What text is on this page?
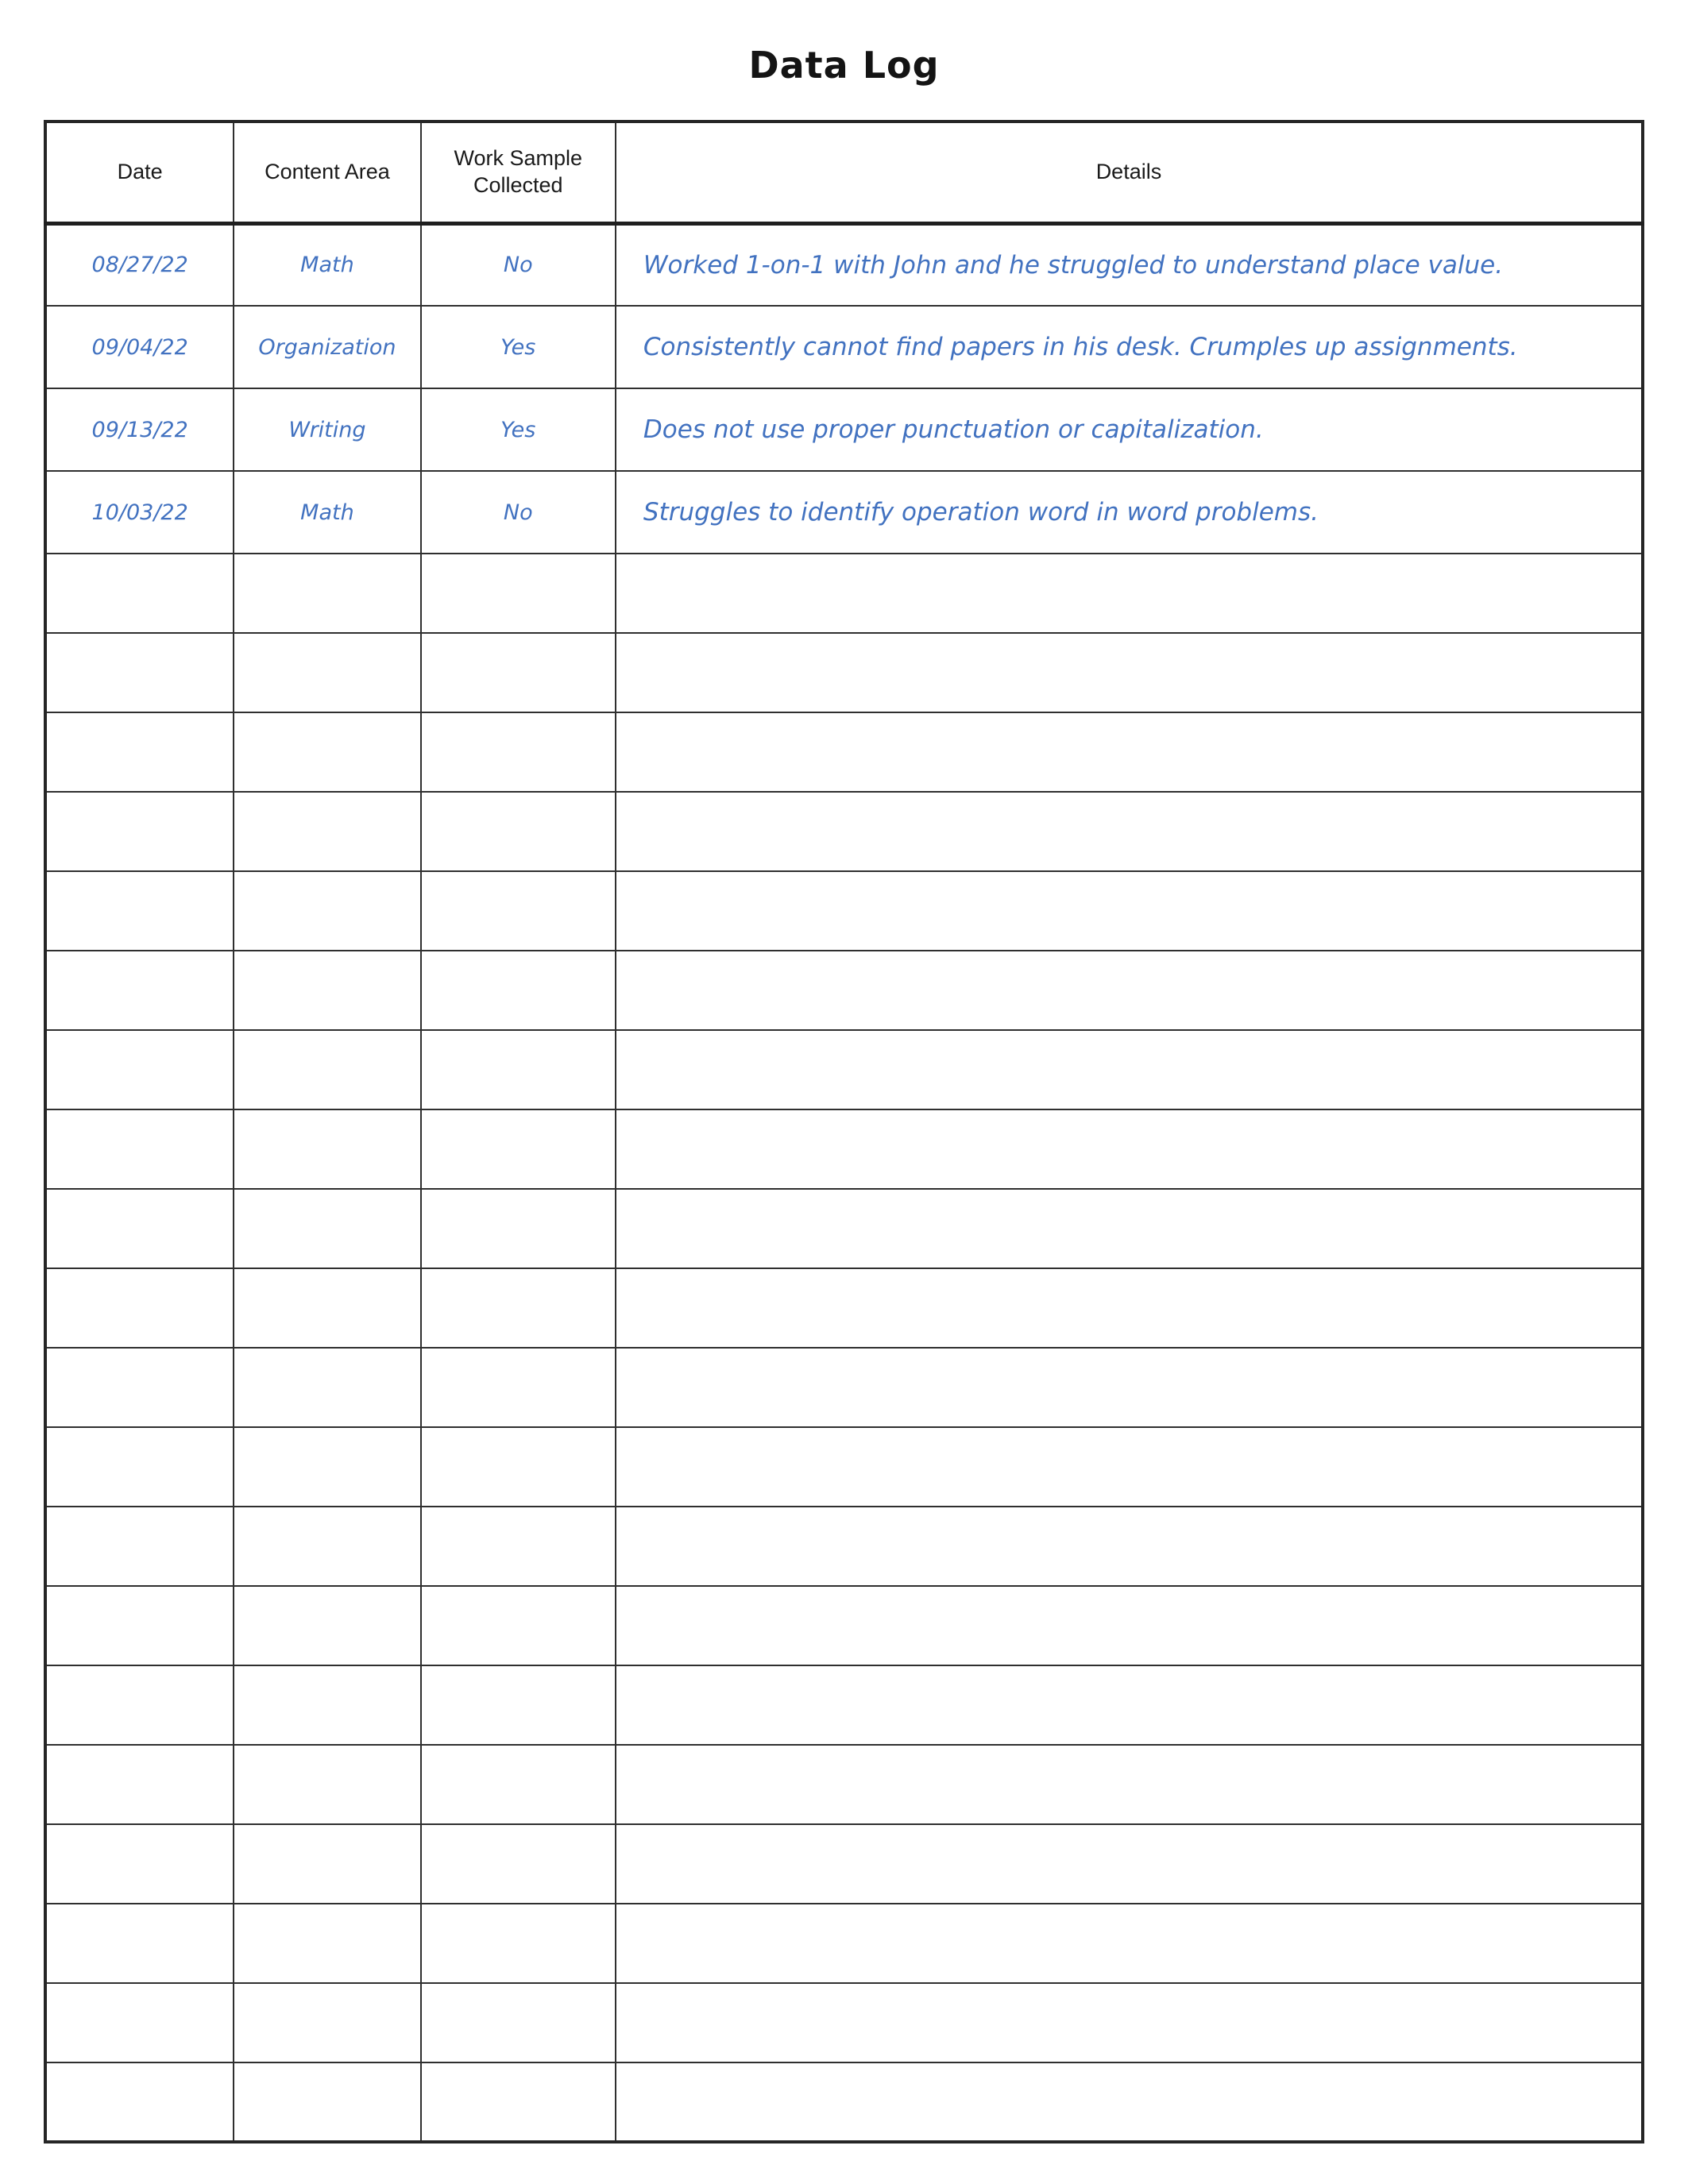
Data Log
Date	Content Area	Work Sample Collected	Details
08/27/22	Math	No	Worked 1-on-1 with John and he struggled to understand place value.
09/04/22	Organization	Yes	Consistently cannot find papers in his desk. Crumples up assignments.
09/13/22	Writing	Yes	Does not use proper punctuation or capitalization.
10/03/22	Math	No	Struggles to identify operation word in word problems.
